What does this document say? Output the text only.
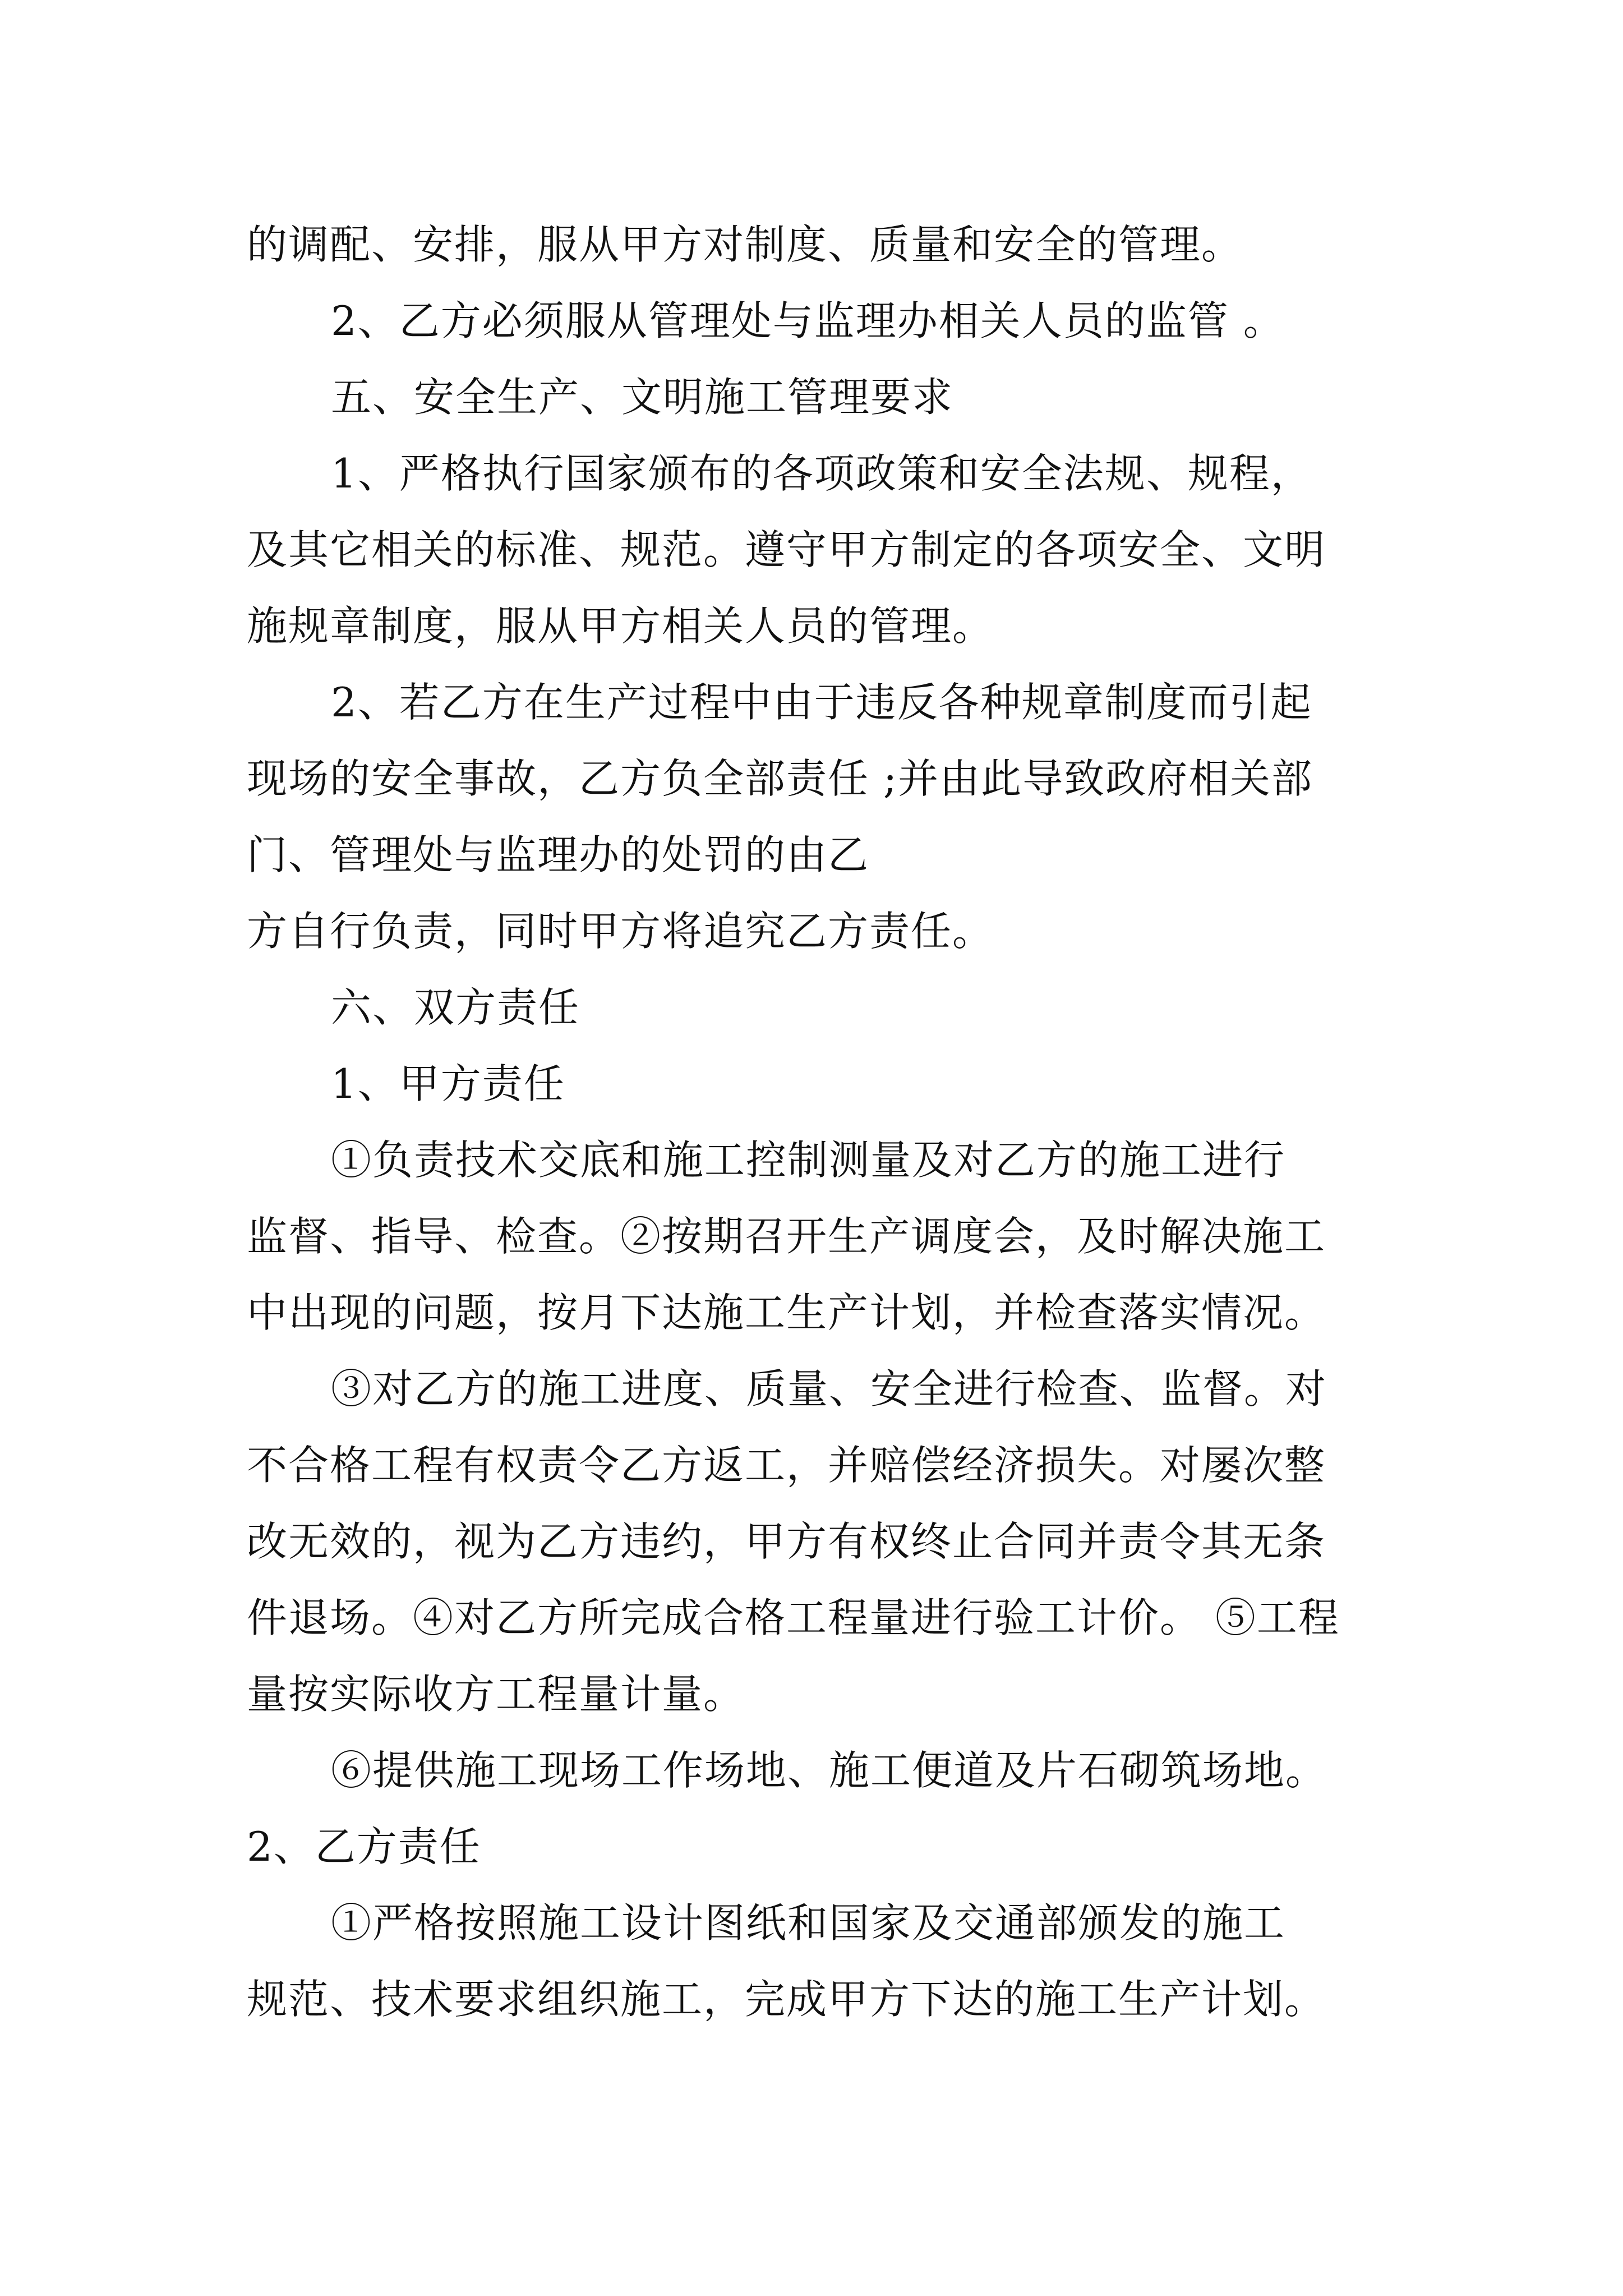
的调配、安排，服从甲方对制度、质量和安全的管理。
2、乙方必须服从管理处与监理办相关人员的监管 。
五、安全生产、文明施工管理要求
1、严格执行国家颁布的各项政策和安全法规、规程，
及其它相关的标准、规范。遵守甲方制定的各项安全、文明
施规章制度，服从甲方相关人员的管理。
2、若乙方在生产过程中由于违反各种规章制度而引起
现场的安全事故，乙方负全部责任 ;并由此导致政府相关部
门、管理处与监理办的处罚的由乙
方自行负责，同时甲方将追究乙方责任。
六、双方责任
1、甲方责任
①负责技术交底和施工控制测量及对乙方的施工进行
监督、指导、检查。②按期召开生产调度会，及时解决施工
中出现的问题，按月下达施工生产计划，并检查落实情况。
③对乙方的施工进度、质量、安全进行检查、监督。对
不合格工程有权责令乙方返工，并赔偿经济损失。对屡次整
改无效的，视为乙方违约，甲方有权终止合同并责令其无条
件退场。④对乙方所完成合格工程量进行验工计价。 ⑤工程
量按实际收方工程量计量。
⑥提供施工现场工作场地、施工便道及片石砌筑场地。
2、乙方责任
①严格按照施工设计图纸和国家及交通部颁发的施工
规范、技术要求组织施工，完成甲方下达的施工生产计划。
